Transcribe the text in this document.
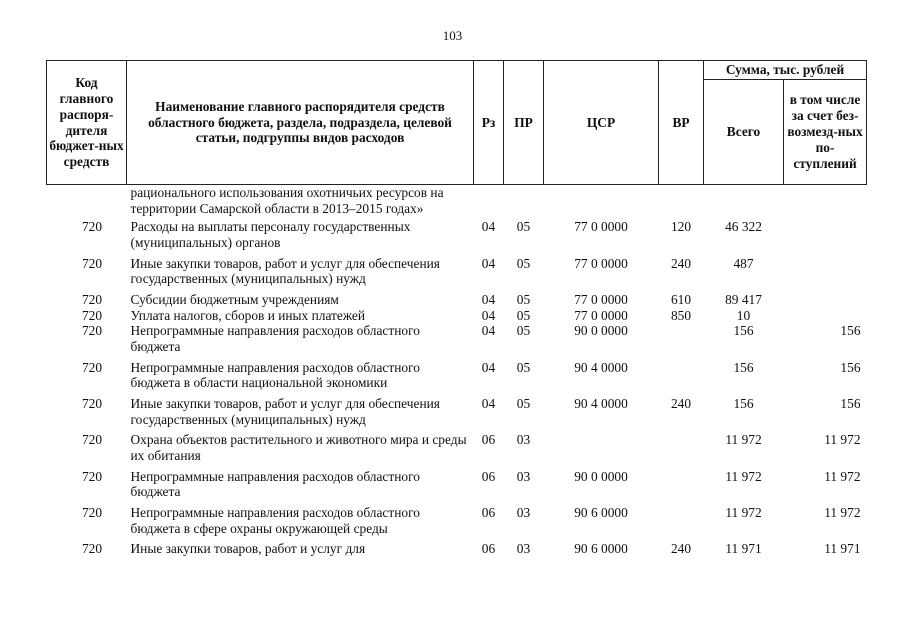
103
Код главного распоря-дителя бюджет-ных средств	Наименование главного распорядителя средств областного бюджета, раздела, подраздела, целевой статьи, подгруппы видов расходов	Рз	ПР	ЦСР	ВР	Сумма, тыс. рублей	
						Всего	в том числе за счет без-возмезд-ных по-ступлений
	рационального использования охотничьих ресурсов на территории Самарской области в 2013–2015 годах»						
720	Расходы на выплаты персоналу государственных (муниципальных) органов	04	05	77 0 0000	120	46 322	
720	Иные закупки товаров, работ и услуг для обеспечения государственных (муниципальных) нужд	04	05	77 0 0000	240	487	
720	Субсидии бюджетным учреждениям	04	05	77 0 0000	610	89 417	
720	Уплата налогов, сборов и иных платежей	04	05	77 0 0000	850	10	
720	Непрограммные направления расходов областного бюджета	04	05	90 0 0000		156	156
720	Непрограммные направления расходов областного бюджета в области национальной экономики	04	05	90 4 0000		156	156
720	Иные закупки товаров, работ и услуг для обеспечения государственных (муниципальных) нужд	04	05	90 4 0000	240	156	156
720	Охрана объектов растительного и животного мира и среды их обитания	06	03			11 972	11 972
720	Непрограммные направления расходов областного бюджета	06	03	90 0 0000		11 972	11 972
720	Непрограммные направления расходов областного бюджета в сфере охраны окружающей среды	06	03	90 6 0000		11 972	11 972
720	Иные закупки товаров, работ и услуг для	06	03	90 6 0000	240	11 971	11 971
